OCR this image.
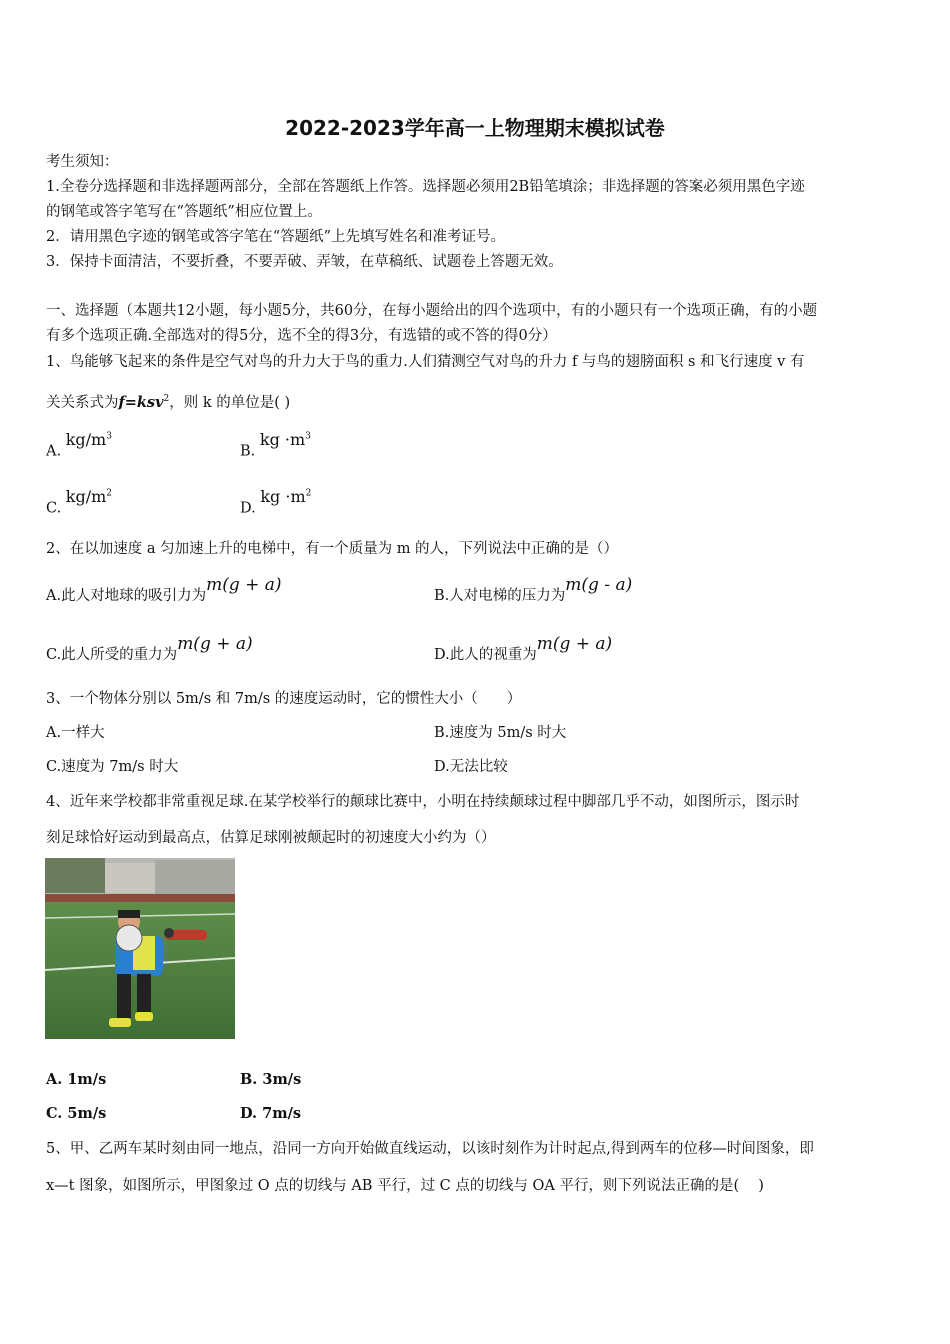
2022-2023学年高一上物理期末模拟试卷
考生须知：
1.全卷分选择题和非选择题两部分，全部在答题纸上作答。选择题必须用2B铅笔填涂；非选择题的答案必须用黑色字迹
的钢笔或答字笔写在“答题纸”相应位置上。
2．请用黑色字迹的钢笔或答字笔在“答题纸”上先填写姓名和准考证号。
3．保持卡面清洁，不要折叠，不要弄破、弄皱，在草稿纸、试题卷上答题无效。
一、选择题（本题共12小题，每小题5分，共60分，在每小题给出的四个选项中，有的小题只有一个选项正确，有的小题
有多个选项正确.全部选对的得5分，选不全的得3分，有选错的或不答的得0分）
1、鸟能够飞起来的条件是空气对鸟的升力大于鸟的重力.人们猜测空气对鸟的升力 f 与鸟的翅膀面积 s 和飞行速度 v 有
关关系式为f=ksv$^2$，则 k 的单位是( )
A. $kg/m^3$
B. kg $\cdot m^3$
C. $kg/m^2$
D. kg $\cdot m^2$
2、在以加速度 a 匀加速上升的电梯中，有一个质量为 m 的人，下列说法中正确的是（）
A.此人对地球的吸引力为m(g + a)
B.人对电梯的压力为m(g - a)
C.此人所受的重力为m(g + a)
D.此人的视重为m(g + a)
3、一个物体分别以 5m/s 和 7m/s 的速度运动时，它的惯性大小（　　）
A.一样大	B.速度为 5m/s 时大
C.速度为 7m/s 时大	D.无法比较
4、近年来学校都非常重视足球.在某学校举行的颠球比赛中，小明在持续颠球过程中脚部几乎不动，如图所示，图示时
刻足球恰好运动到最高点，估算足球刚被颠起时的初速度大小约为（）
A. 1m/s	B. 3m/s
C. 5m/s	D. 7m/s
5、甲、乙两车某时刻由同一地点，沿同一方向开始做直线运动，以该时刻作为计时起点,得到两车的位移—时间图象，即
x—t 图象，如图所示，甲图象过 O 点的切线与 AB 平行，过 C 点的切线与 OA 平行，则下列说法正确的是(　 )
